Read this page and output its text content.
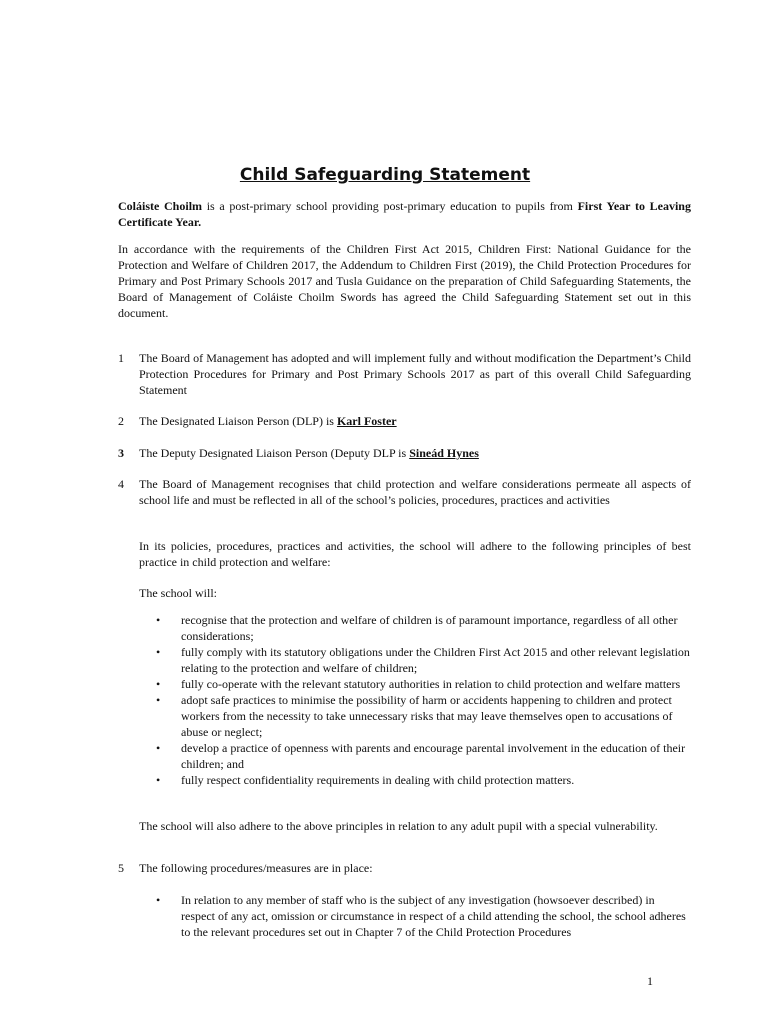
Child Safeguarding Statement
Coláiste Choilm is a post-primary school providing post-primary education to pupils from First Year to Leaving Certificate Year.
In accordance with the requirements of the Children First Act 2015, Children First: National Guidance for the Protection and Welfare of Children 2017, the Addendum to Children First (2019), the Child Protection Procedures for Primary and Post Primary Schools 2017 and Tusla Guidance on the preparation of Child Safeguarding Statements, the Board of Management of Coláiste Choilm Swords has agreed the Child Safeguarding Statement set out in this document.
1	The Board of Management has adopted and will implement fully and without modification the Department’s Child Protection Procedures for Primary and Post Primary Schools 2017 as part of this overall Child Safeguarding Statement
2	The Designated Liaison Person (DLP) is Karl Foster
3	The Deputy Designated Liaison Person (Deputy DLP is Sineád Hynes
4	The Board of Management recognises that child protection and welfare considerations permeate all aspects of school life and must be reflected in all of the school’s policies, procedures, practices and activities
In its policies, procedures, practices and activities, the school will adhere to the following principles of best practice in child protection and welfare:
The school will:
• recognise that the protection and welfare of children is of paramount importance, regardless of all other considerations;
• fully comply with its statutory obligations under the Children First Act 2015 and other relevant legislation relating to the protection and welfare of children;
• fully co-operate with the relevant statutory authorities in relation to child protection and welfare matters
• adopt safe practices to minimise the possibility of harm or accidents happening to children and protect workers from the necessity to take unnecessary risks that may leave themselves open to accusations of abuse or neglect;
• develop a practice of openness with parents and encourage parental involvement in the education of their children; and
• fully respect confidentiality requirements in dealing with child protection matters.
The school will also adhere to the above principles in relation to any adult pupil with a special vulnerability.
5	The following procedures/measures are in place:
• In relation to any member of staff who is the subject of any investigation (howsoever described) in respect of any act, omission or circumstance in respect of a child attending the school, the school adheres to the relevant procedures set out in Chapter 7 of the Child Protection Procedures
1
